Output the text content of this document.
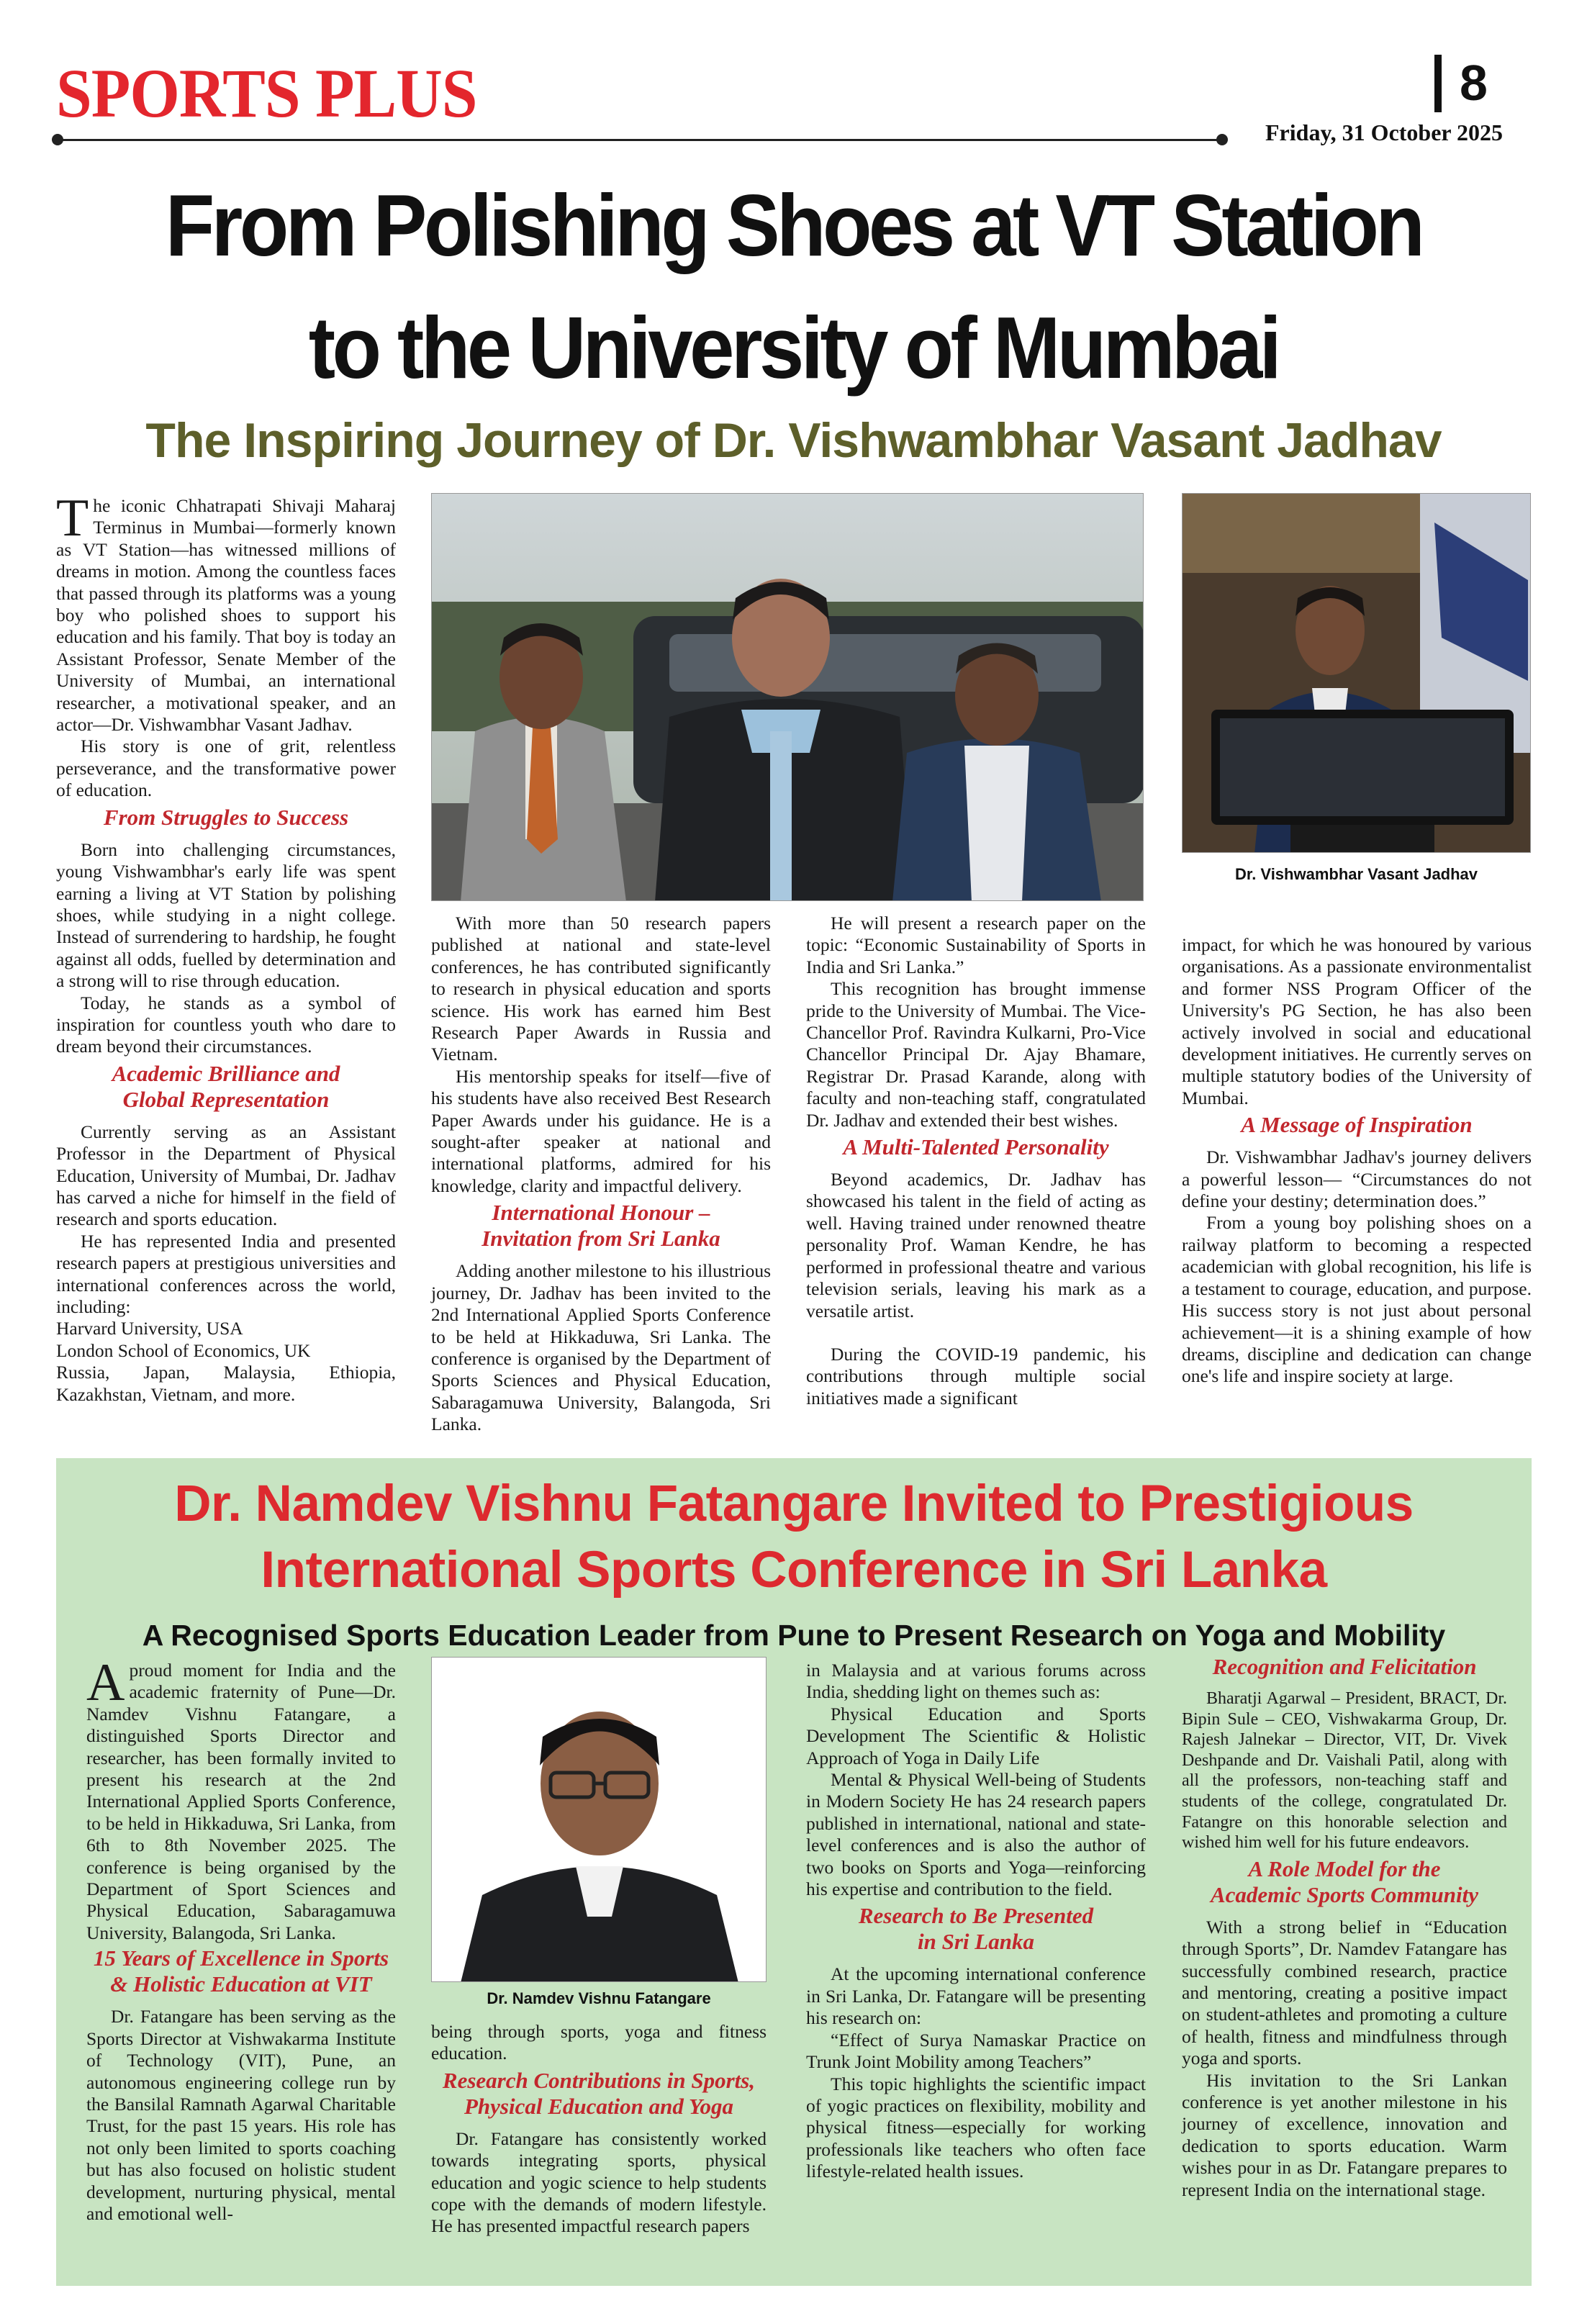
SPORTS PLUS	8
Friday, 31 October 2025
From Polishing Shoes at VT Station
to the University of Mumbai
The Inspiring Journey of Dr. Vishwambhar Vasant Jadhav
Dr. Vishwambhar Vasant Jadhav

The iconic Chhatrapati Shivaji Maharaj Terminus in Mumbai—formerly known as VT Station—has witnessed millions of dreams in motion. Among the countless faces that passed through its platforms was a young boy who polished shoes to support his education and his family. That boy is today an Assistant Professor, Senate Member of the University of Mumbai, an international researcher, a motivational speaker, and an actor—Dr. Vishwambhar Vasant Jadhav.

His story is one of grit, relentless perseverance, and the transformative power of education.

From Struggles to Success

Born into challenging circumstances, young Vishwambhar's early life was spent earning a living at VT Station by polishing shoes, while studying in a night college. Instead of surrendering to hardship, he fought against all odds, fuelled by determination and a strong will to rise through education.

Today, he stands as a symbol of inspiration for countless youth who dare to dream beyond their circumstances.

Academic Brilliance and
Global Representation

Currently serving as an Assistant Professor in the Department of Physical Education, University of Mumbai, Dr. Jadhav has carved a niche for himself in the field of research and sports education.

He has represented India and presented research papers at prestigious universities and international conferences across the world, including:

Harvard University, USA

London School of Economics, UK

Russia, Japan, Malaysia, Ethiopia, Kazakhstan, Vietnam, and more.

With more than 50 research papers published at national and state-level conferences, he has contributed significantly to research in physical education and sports science. His work has earned him Best Research Paper Awards in Russia and Vietnam.

His mentorship speaks for itself—five of his students have also received Best Research Paper Awards under his guidance. He is a sought-after speaker at national and international platforms, admired for his knowledge, clarity and impactful delivery.

International Honour –
Invitation from Sri Lanka

Adding another milestone to his illustrious journey, Dr. Jadhav has been invited to the 2nd International Applied Sports Conference to be held at Hikkaduwa, Sri Lanka. The conference is organised by the Department of Sports Sciences and Physical Education, Sabaragamuwa University, Balangoda, Sri Lanka.

He will present a research paper on the topic: “Economic Sustainability of Sports in India and Sri Lanka.”

This recognition has brought immense pride to the University of Mumbai. The Vice-Chancellor Prof. Ravindra Kulkarni, Pro-Vice Chancellor Principal Dr. Ajay Bhamare, Registrar Dr. Prasad Karande, along with faculty and non-teaching staff, congratulated Dr. Jadhav and extended their best wishes.

A Multi-Talented Personality

Beyond academics, Dr. Jadhav has showcased his talent in the field of acting as well. Having trained under renowned theatre personality Prof. Waman Kendre, he has performed in professional theatre and various television serials, leaving his mark as a versatile artist.

During the COVID-19 pandemic, his contributions through multiple social initiatives made a significant

impact, for which he was honoured by various organisations. As a passionate environmentalist and former NSS Program Officer of the University's PG Section, he has also been actively involved in social and educational development initiatives. He currently serves on multiple statutory bodies of the University of Mumbai.

A Message of Inspiration

Dr. Vishwambhar Jadhav's journey delivers a powerful lesson— “Circumstances do not define your destiny; determination does.”

From a young boy polishing shoes on a railway platform to becoming a respected academician with global recognition, his life is a testament to courage, education, and purpose. His success story is not just about personal achievement—it is a shining example of how dreams, discipline and dedication can change one's life and inspire society at large.

Dr. Namdev Vishnu Fatangare Invited to Prestigious
International Sports Conference in Sri Lanka
A Recognised Sports Education Leader from Pune to Present Research on Yoga and Mobility
Dr. Namdev Vishnu Fatangare

Aproud moment for India and the academic fraternity of Pune—Dr. Namdev Vishnu Fatangare, a distinguished Sports Director and researcher, has been formally invited to present his research at the 2nd International Applied Sports Conference, to be held in Hikkaduwa, Sri Lanka, from 6th to 8th November 2025. The conference is being organised by the Department of Sport Sciences and Physical Education, Sabaragamuwa University, Balangoda, Sri Lanka.

15 Years of Excellence in Sports
& Holistic Education at VIT

Dr. Fatangare has been serving as the Sports Director at Vishwakarma Institute of Technology (VIT), Pune, an autonomous engineering college run by the Bansilal Ramnath Agarwal Charitable Trust, for the past 15 years. His role has not only been limited to sports coaching but has also focused on holistic student development, nurturing physical, mental and emotional well-

being through sports, yoga and fitness education.

Research Contributions in Sports,
Physical Education and Yoga

Dr. Fatangare has consistently worked towards integrating sports, physical education and yogic science to help students cope with the demands of modern lifestyle. He has presented impactful research papers

in Malaysia and at various forums across India, shedding light on themes such as:

Physical Education and Sports Development The Scientific & Holistic Approach of Yoga in Daily Life

Mental & Physical Well-being of Students in Modern Society He has 24 research papers published in international, national and state-level conferences and is also the author of two books on Sports and Yoga—reinforcing his expertise and contribution to the field.

Research to Be Presented
in Sri Lanka

At the upcoming international conference in Sri Lanka, Dr. Fatangare will be presenting his research on:

“Effect of Surya Namaskar Practice on Trunk Joint Mobility among Teachers”

This topic highlights the scientific impact of yogic practices on flexibility, mobility and physical fitness—especially for working professionals like teachers who often face lifestyle-related health issues.

Recognition and Felicitation

Bharatji Agarwal – President, BRACT, Dr. Bipin Sule – CEO, Vishwakarma Group, Dr. Rajesh Jalnekar – Director, VIT, Dr. Vivek Deshpande and Dr. Vaishali Patil, along with all the professors, non-teaching staff and students of the college, congratulated Dr. Fatangre on this honorable selection and wished him well for his future endeavors.

A Role Model for the
Academic Sports Community

With a strong belief in “Education through Sports”, Dr. Namdev Fatangare has successfully combined research, practice and mentoring, creating a positive impact on student-athletes and promoting a culture of health, fitness and mindfulness through yoga and sports.

His invitation to the Sri Lankan conference is yet another milestone in his journey of excellence, innovation and dedication to sports education. Warm wishes pour in as Dr. Fatangare prepares to represent India on the international stage.
